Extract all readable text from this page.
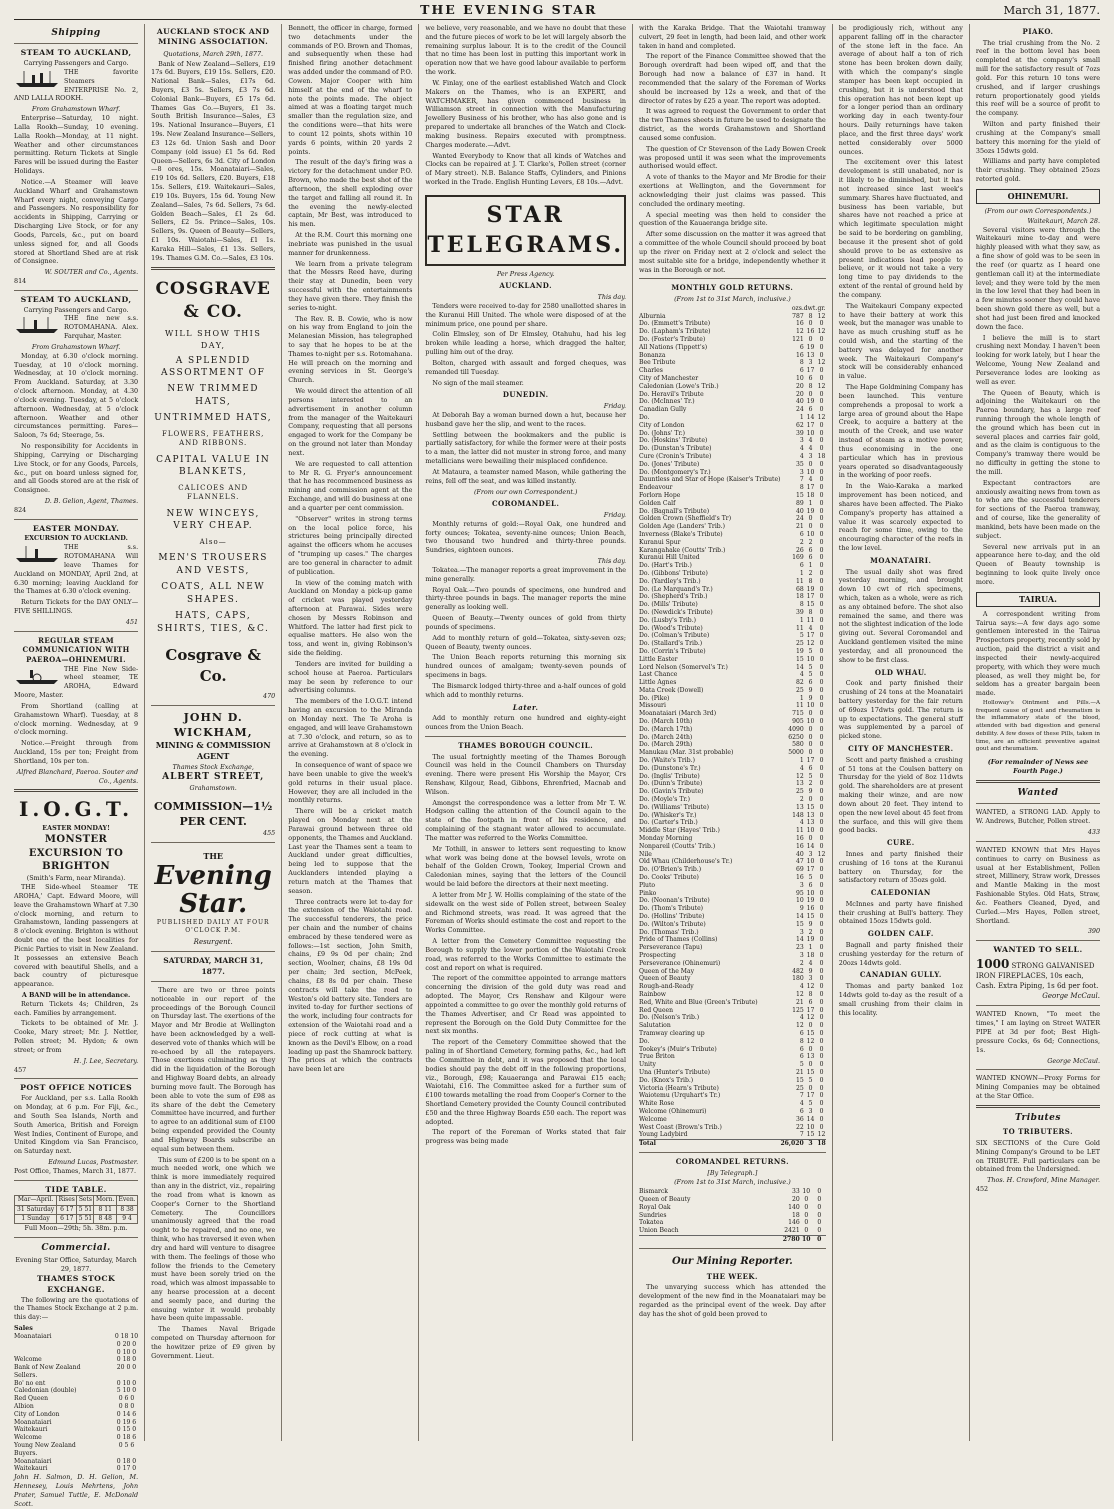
THE EVENING STAR	March 31, 1877.
Shipping
STEAM TO AUCKLAND,
Carrying Passengers and Cargo.

THE favorite Steamers ENTERPRISE No. 2, AND LALLA ROOKH.

From Grahamstown Wharf.

Enterprise—Saturday, 10 night. Lalla Rookh—Sunday, 10 evening. Lalla Rookh—Monday, at 11 night. Weather and other circumstances permitting. Return Tickets at Single Fares will be issued during the Easter Holidays.

Notice.—A Steamer will leave Auckland Wharf and Grahamstown Wharf every night, conveying Cargo and Passengers. No responsibility for accidents in Shipping, Carrying or Discharging Live Stock, or for any Goods, Parcels, &c., put on board unless signed for, and all Goods stored at Shortland Shed are at risk of Consignee.

W. SOUTER and Co., Agents.
814
STEAM TO AUCKLAND,
Carrying Passengers and Cargo.

THE fine new s.s. ROTOMAHANA. Alex. Farquhar, Master.

From Grahamstown Wharf.

Monday, at 6.30 o'clock morning. Tuesday, at 10 o'clock morning. Wednesday, at 10 o'clock morning. From Auckland. Saturday, at 3.30 o'clock afternoon. Monday, at 4.30 o'clock evening. Tuesday, at 5 o'clock afternoon. Wednesday, at 5 o'clock afternoon. Weather and other circumstances permitting. Fares—Saloon, 7s 6d; Steerage, 5s.

No responsibility for Accidents in Shipping, Carrying or Discharging Live Stock, or for any Goods, Parcels, &c., put on board unless signed for, and all Goods stored are at the risk of Consignee.

D. B. Gelion, Agent, Thames.
824
EASTER MONDAY.
EXCURSION TO AUCKLAND.

THE s.s. ROTOMAHANA Will leave Thames for Auckland on MONDAY, April 2nd, at 6.30 morning; leaving Auckland for the Thames at 6.30 o'clock evening.

Return Tickets for the DAY ONLY—FIVE SHILLINGS.

451
REGULAR STEAM COMMUNICATION WITH PAEROA—OHINEMURI.

THE Fine New Side-wheel steamer, TE AROHA, Edward Moore, Master.

From Shortland (calling at Grahamstown Wharf). Tuesday, at 8 o'clock morning. Wednesday, at 9 o'clock morning.

Notice.—Freight through from Auckland, 15s per ton; Freight from Shortland, 10s per ton.

Alfred Blanchard, Paeroa. Souter and Co., Agents.
I.O.G.T.
EASTER MONDAY!
MONSTER EXCURSION TO BRIGHTON
(Smith's Farm, near Miranda).

THE Side-wheel Steamer 'TE AROHA,' Capt. Edward Moore, will leave the Grahamstown Wharf at 7.30 o'clock morning, and return to Grahamstown, landing passengers at 8 o'clock evening. Brighton is without doubt one of the best localities for Picnic Parties to visit in New Zealand. It possesses an extensive Beach covered with beautiful Shells, and a back country of picturesque appearance.

A BAND will be in attendance.

Return Tickets 4s; Children, 2s each. Families by arrangement.

Tickets to be obtained of Mr. J. Cooke, Mary street; Mr. J. Nettler, Pollen street; M. Hydon; & own street; or from

H. J. Lee, Secretary.
457
POST OFFICE NOTICES

For Auckland, per s.s. Lalla Rookh on Monday, at 6 p.m. For Fiji, &c., and South Sea Islands, North and South America, British and Foreign West Indies, Continent of Europe, and United Kingdom via San Francisco, on Saturday next.

Edmund Lucas, Postmaster.
Post Office, Thames, March 31, 1877.
TIDE TABLE.
Mar—April.	Rises	Sets	Morn.	Even.
31 Saturday	6 17	5 51	8 11	8 38
1 Sunday	6 17	5 51	8 48	9 4
Full Moon—29th; 5h. 38m. p.m.
Commercial.
Evening Star Office, Saturday, March 29, 1877.
THAMES STOCK EXCHANGE.

The following are the quotations of the Thames Stock Exchange at 2 p.m. this day:—

Sales
Moanataiari		0 18 10
		0 20 0
		0 10 0
Welcome		0 18 0
Bank of New Zealand		20 0 0
Sellers.		
Bo' no ent		0 10 0
Caledonian (double)		5 10 0
Red Queen		0 6 0
Albion		0 8 0
City of London		0 14 6
Moanataiari		0 19 6
Waitekauri		0 15 0
Welcome		0 18 6
Young New Zealand		0 5 6
Buyers.		
Moanataiari		0 18 0
Waitekauri		0 17 0

John H. Salmon, D. H. Gelion, M. Hennesey, Louis Mehrtens, John Prater, Samuel Tuttle, E. McDonald Scott.

AUCKLAND STOCK AND MINING ASSOCIATION.
Quotations, March 29th, 1877.

Bank of New Zealand—Sellers, £19 17s 6d. Buyers, £19 15s. Sellers, £20. National Bank—Sales, £17s 6d. Buyers, £3 5s. Sellers, £3 7s 6d. Colonial Bank—Buyers, £5 17s 6d. Thames Gas Co.—Buyers, £1 3s. South British Insurance—Sales, £3 19s. National Insurance—Buyers, £1 19s. New Zealand Insurance—Sellers, £3 12s 6d. Union Sash and Door Company (old issue) £1 5s 6d. Red Queen—Sellers, 6s 3d. City of London—8 ores, 15s. Moanataiari—Sales, £19 10s 6d. Sellers, £20. Buyers, £18 15s. Sellers, £19. Waitekauri—Sales, £19 10s. Buyers, 15s 6d. Young New Zealand—Sales, 7s 6d. Sellers, 7s 6d. Golden Beach—Sales, £1 2s 6d. Sellers, £2 5s. Prince—Sales, 10s. Sellers, 9s. Queen of Beauty—Sellers, £1 10s. Waiotahi—Sales, £1 1s. Karaka Hill—Sales, £1 13s. Sellers, 19s. Thames G.M. Co.—Sales, £3 10s.

COSGRAVE & CO.
WILL SHOW THIS DAY,
A SPLENDID ASSORTMENT OF
NEW TRIMMED HATS,
UNTRIMMED HATS,
FLOWERS, FEATHERS, AND RIBBONS.
CAPITAL VALUE IN BLANKETS,
CALICOES AND FLANNELS.
NEW WINCEYS, VERY CHEAP.
Also—
MEN'S TROUSERS AND VESTS,
COATS, ALL NEW SHAPES.
HATS, CAPS, SHIRTS, TIES, &C.
Cosgrave & Co.
470
JOHN D. WICKHAM,
MINING & COMMISSION AGENT
Thames Stock Exchange,
ALBERT STREET,
Grahamstown.
COMMISSION—1½ PER CENT.
455
THE
Evening Star.
PUBLISHED DAILY AT FOUR O'CLOCK P.M.
Resurgent.
SATURDAY, MARCH 31, 1877.

There are two or three points noticeable in our report of the proceedings of the Borough Council on Thursday last. The exertions of the Mayor and Mr Brodie at Wellington have been acknowledged by a well-deserved vote of thanks which will be re-echoed by all the ratepayers. Those exertions culminating as they did in the liquidation of the Borough and Highway Board debts, an already burning move fault. The Borough has been able to vote the sum of £98 as its share of the debt the Cemetery Committee have incurred, and further to agree to an additional sum of £100 being expended provided the County and Highway Boards subscribe an equal sum between them.

This sum of £200 is to be spent on a much needed work, one which we think is more immediately required than any in the district, viz., repairing the road from what is known as Cooper's Corner to the Shortland Cemetery. The Councillors unanimously agreed that the road ought to be repaired, and no one, we think, who has traversed it even when dry and hard will venture to disagree with them. The feelings of those who follow the friends to the Cemetery must have been sorely tried on the road, which was almost impassable to any hearse procession at a decent and seemly pace, and during the ensuing winter it would probably have been quite impassable.

The Thames Naval Brigade competed on Thursday afternoon for the howitzer prize of £9 given by Government. Lieut.

Bennett, the officer in charge, formed two detachments under the commands of P.O. Brown and Thomas, and subsequently when these had finished firing another detachment was added under the command of P.O. Cowen. Major Cooper with him himself at the end of the wharf to note the points made. The object aimed at was a floating target much smaller than the regulation size, and the conditions were—that hits were to count 12 points, shots within 10 yards 6 points, within 20 yards 2 points.

The result of the day's firing was a victory for the detachment under P.O. Brown, who made the best shot of the afternoon, the shell exploding over the target and falling all round it. In the evening the newly-elected captain, Mr Best, was introduced to his men.

At the R.M. Court this morning one inebriate was punished in the usual manner for drunkenness.

We learn from a private telegram that the Messrs Reed have, during their stay at Dunedin, been very successful with the entertainments they have given there. They finish the series to-night.

The Rev. R. B. Cowie, who is now on his way from England to join the Melanesian Mission, has telegraphed to say that he hopes to be at the Thames to-night per s.s. Rotomahana. He will preach on the morning and evening services in St. George's Church.

We would direct the attention of all persons interested to an advertisement in another column from the manager of the Waitekauri Company, requesting that all persons engaged to work for the Company be on the ground not later than Monday next.

We are requested to call attention to Mr R. G. Fryer's announcement that he has recommenced business as mining and commission agent at the Exchange, and will do business at one and a quarter per cent commission.

"Observer" writes in strong terms on the local police force, his strictures being principally directed against the officers whom he accuses of "trumping up cases." The charges are too general in character to admit of publication.

In view of the coming match with Auckland on Monday a pick-up game of cricket was played yesterday afternoon at Parawai. Sides were chosen by Messrs Robinson and Whitford. The latter had first pick to equalise matters. He also won the toss, and went in, giving Robinson's side the fielding.

Tenders are invited for building a school house at Paeroa. Particulars may be seen by reference to our advertising columns.

The members of the I.O.G.T. intend having an excursion to the Miranda on Monday next. The Te Aroha is engaged, and will leave Grahamstown at 7.30 o'clock, and return, so as to arrive at Grahamstown at 8 o'clock in the evening.

In consequence of want of space we have been unable to give the week's gold returns in their usual place. However, they are all included in the monthly returns.

There will be a cricket match played on Monday next at the Parawai ground between three old opponents, the Thames and Auckland. Last year the Thames sent a team to Auckland under great difficulties, being led to suppose that the Aucklanders intended playing a return match at the Thames that season.

Three contracts were let to-day for the extension of the Waiotahi road. The successful tenderers, the price per chain and the number of chains embraced by these tendered were as follows:—1st section, John Smith, chains, £9 9s 0d per chain; 2nd section, Woolner, chains, £8 19s 0d per chain; 3rd section, McPeek, chains, £8 8s 0d per chain. These contracts will take the road to Weston's old battery site. Tenders are invited to-day for further sections of the work, including four contracts for extension of the Waiotahi road and a piece of rock cutting at what is known as the Devil's Elbow, on a road leading up past the Shamrock battery. The prices at which the contracts have been let are

we believe, very reasonable, and we have no doubt that these and the future pieces of work to be let will largely absorb the remaining surplus labour. It is to the credit of the Council that no time has been lost in putting this important work in operation now that we have good labour available to perform the work.

W. Finlay, one of the earliest established Watch and Clock Makers on the Thames, who is an EXPERT, and WATCHMAKER, has given commenced business in Williamson street in connection with the Manufacturing Jewellery Business of his brother, who has also gone and is prepared to undertake all branches of the Watch and Clock-making business. Repairs executed with promptness. Charges moderate.—Advt.

Wanted Everybody to Know that all kinds of Watches and Clocks can be repaired at J. T. Clarke's, Pollen street (corner of Mary street). N.B. Balance Staffs, Cylinders, and Pinions worked in the Trade. English Hunting Levers, £8 10s.—Advt.

STAR TELEGRAMS.
Per Press Agency.
AUCKLAND.
This day.

Tenders were received to-day for 2580 unallotted shares in the Kuranui Hill United. The whole were disposed of at the minimum price, one pound per share.

Colin Elmsley, son of Dr Elmsley, Otahuhu, had his leg broken while leading a horse, which dragged the halter, pulling him out of the dray.

Bolton, charged with assault and forged cheques, was remanded till Tuesday.

No sign of the mail steamer.

DUNEDIN.
Friday.

At Deborah Bay a woman burned down a hut, because her husband gave her the slip, and went to the races.

Settling between the bookmakers and the public is partially satisfactory, for while the former were at their posts to a man, the latter did not muster in strong force, and many metallicians were bewailing their misplaced confidence.

At Mataura, a teamster named Mason, while gathering the reins, fell off the seat, and was killed instantly.

(From our own Correspondent.)
COROMANDEL.
Friday.

Monthly returns of gold:—Royal Oak, one hundred and forty ounces; Tokatea, seventy-nine ounces; Union Beach, two thousand two hundred and thirty-three pounds. Sundries, eighteen ounces.

This day.

Tokatea.—The manager reports a great improvement in the mine generally.

Royal Oak.—Two pounds of specimens, one hundred and thirty-three pounds in bags. The manager reports the mine generally as looking well.

Queen of Beauty.—Twenty ounces of gold from thirty pounds of specimens.

Add to monthly return of gold—Tokatea, sixty-seven ozs; Queen of Beauty, twenty ounces.

The Union Beach reports returning this morning six hundred ounces of amalgam; twenty-seven pounds of specimens in bags.

The Bismarck lodged thirty-three and a-half ounces of gold which add to monthly returns.

Later.

Add to monthly return one hundred and eighty-eight ounces from the Union Beach.

THAMES BOROUGH COUNCIL.

The usual fortnightly meeting of the Thames Borough Council was held in the Council Chambers on Thursday evening. There were present His Worship the Mayor, Crs Renshaw, Kilgour, Read, Gibbons, Ehrenfried, Macnab and Wilson.

Amongst the correspondence was a letter from Mr T. W. Hodgson calling the attention of the Council again to the state of the footpath in front of his residence, and complaining of the stagnant water allowed to accumulate. The matter was referred to the Works Committee.

Mr Tothill, in answer to letters sent requesting to know what work was being done at the bowsel levels, wrote on behalf of the Golden Crown, Tookey, Imperial Crown and Caledonian mines, saying that the letters of the Council would be laid before the directors at their next meeting.

A letter from Mr J. W. Hollis complaining of the state of the sidewalk on the west side of Pollen street, between Sealey and Richmond streets, was read. It was agreed that the Foreman of Works should estimate the cost and report to the Works Committee.

A letter from the Cemetery Committee requesting the Borough to supply the lower portion of the Waiotahi Creek road, was referred to the Works Committee to estimate the cost and report on what is required.

The report of the committee appointed to arrange matters concerning the division of the gold duty was read and adopted. The Mayor, Crs Renshaw and Kilgour were appointed a committee to go over the monthly gold returns of the Thames Advertiser, and Cr Read was appointed to represent the Borough on the Gold Duty Committee for the next six months.

The report of the Cemetery Committee showed that the paling in of Shortland Cemetery, forming paths, &c., had left the Committee in debt, and it was proposed that the local bodies should pay the debt off in the following proportions, viz., Borough, £98; Kauaeranga and Parawai £15 each; Waiotahi, £16. The Committee asked for a further sum of £100 towards metalling the road from Cooper's Corner to the Shortland Cemetery provided the County Council contributed £50 and the three Highway Boards £50 each. The report was adopted.

The report of the Foreman of Works stated that fair progress was being made

with the Karaka Bridge. That the Waiotahi tramway culvert, 29 feet in length, had been laid, and other work taken in hand and completed.

The report of the Finance Committee showed that the Borough overdraft had been wiped off, and that the Borough had now a balance of £37 in hand. It recommended that the salary of the Foreman of Works should be increased by 12s a week, and that of the director of rates by £25 a year. The report was adopted.

It was agreed to request the Government to order that the two Thames sheets in future be used to designate the district, as the words Grahamstown and Shortland caused some confusion.

The question of Cr Stevenson of the Lady Bowen Creek was proposed until it was seen what the improvements authorised would effect.

A vote of thanks to the Mayor and Mr Brodie for their exertions at Wellington, and the Government for acknowledging their just claims was passed. This concluded the ordinary meeting.

A special meeting was then held to consider the question of the Kauaeranga bridge site.

After some discussion on the matter it was agreed that a committee of the whole Council should proceed by boat up the river on Friday next at 2 o'clock and select the most suitable site for a bridge, independently whether it was in the Borough or not.

MONTHLY GOLD RETURNS.
(From 1st to 31st March, inclusive.)
	ozs.	dwt.	gr.
Alburnia	787	8	12
Do. (Emmett's Tribute)	16	0	0
Do. (Lapham's Tribute)	12	16	12
Do. (Foster's Tribute)	121	0	0
All Nations (Tippett's)	6	19	0
Bonanza	16	13	0
Bee Tribute	8	3	12
Charles	6	17	0
City of Manchester	10	6	0
Caledonian (Lowe's Trib.)	20	8	12
Do. Heravil's Tribute	20	0	0
Do. (McInnes' Tr.)	40	19	0
Canadian Gully	24	6	0
Do.	1	14	12
City of London	62	17	0
Do. (Johns' Tr.)	39	10	0
Do. (Hoskins' Tribute)	3	4	0
Do. (Dunstan's Tribute)	4	4	0
Cure (Cronin's Tribute)	4	3	18
Do. (Jones' Tribute)	35	0	0
Do. (Montgomery's Tr.)	3	10	0
Dauntless and Star of Hope (Kaiser's Tribute)	7	4	0
Endeavour	8	17	0
Forlorn Hope	15	18	0
Golden Calf	89	1	0
Do. (Bagnall's Tribute)	40	19	0
Golden Crown (Sheffield's Tr)	24	0	0
Golden Age (Landers' Trib.)	21	0	0
Inverness (Blake's Tribute)	6	10	0
Kuranui Spur	2	2	0
Karangahake (Coutts' Trib.)	26	6	0
Kuranui Hill United	169	6	0
Do. (Hart's Trib.)	6	1	0
Do. (Gibbons' Tribute)	1	2	0
Do. (Yardley's Trib.)	11	8	0
Do. (Le Marquand's Tr.)	68	19	0
Do. (Shepherd's Trib.)	18	17	0
Do. (Mills' Tribute)	8	15	0
Do. (Newdick's Tribute)	39	8	0
Do. (Lusby's Trib.)	1	11	0
Do. (Wood's Tribute)	11	4	0
Do. (Colman's Tribute)	5	17	0
Do. (Stallard's Trib.)	25	12	0
Do. (Corrin's Tribute)	19	5	0
Little Easter	15	10	0
Lord Nelson (Somervel's Tr.)	14	5	0
Last Chance	4	5	0
Little Agnes	82	6	0
Mata Creek (Dowell)	25	9	0
Do. (Pike)	1	9	0
Missouri	11	10	0
Moanataiari (March 3rd)	715	0	0
Do. (March 10th)	905	10	0
Do. (March 17th)	4090	0	0
Do. (March 24th)	6250	0	0
Do. (March 29th)	580	0	0
Manukau (Mar. 31st probable)	5000	0	0
Do. (Waite's Trib.)	1	17	0
Do. (Dunstone's Tr.)	4	6	0
Do. (Inglis' Tribute)	12	5	0
Do. (Dunn's Tribute)	13	2	0
Do. (Gavin's Tribute)	25	9	0
Do. (Moyle's Tr.)	2	0	0
Do. (Williams' Tribute)	13	15	0
Do. (Whisker's Tr.)	148	13	0
Do. (Carter's Trib.)	4	13	0
Middle Star (Hayes' Trib.)	11	10	0
Monday Morning	16	0	0
Nonpareil (Coutts' Trib.)	16	14	0
Nile	40	3	12
Old Whau (Childerhouse's Tr.)	47	10	0
Do. (O'Brien's Trib.)	69	17	0
Do. Cooks' Tribute)	16	5	0
Pluto	3	6	0
Pinko	95	10	0
Do. (Noonan's Tribute)	10	19	0
Do. (Thom's Tribute)	9	16	0
Do. (Hollins' Tribute)	14	15	0
Do. (Wilton's Tribute)	15	9	0
Do. (Thomas' Trib.)	3	2	0
Pride of Thames (Collins)	14	19	0
Perseverance (Tapu)	23	1	0
Prospecting	3	18	0
Perseverance (Ohinemuri)	2	4	0
Queen of the May	482	9	0
Queen of Beauty	180	3	0
Rough-and-Ready	4	12	0
Rainbow	12	8	0
Red, White and Blue (Green's Tribute)	21	6	0
Red Queen	125	17	0
Do. (Nelson's Trib.)	4	12	0
Salutation	12	0	0
Tramway clearing up	6	15	0
Do.	8	12	0
Tookey's (Muir's Tribute)	6	0	0
True Briton	6	13	0
Unity	5	0	0
Una (Hunter's Tribute)	21	15	0
Do. (Knox's Trib.)	15	5	0
Victoria (Hearn's Tribute)	25	0	0
Waiotemu (Urquhart's Tr.)	7	17	0
White Rose	4	5	0
Welcome (Ohinemuri)	6	3	0
Welcome	36	14	0
West Coast (Brown's Trib.)	22	10	0
Young Ladybird	7	15	12
Total	26,020	3	18
COROMANDEL RETURNS.
[By Telegraph.]
(From 1st to 31st March, inclusive.)
Bismarck	33	10	0
Queen of Beauty	20	0	0
Royal Oak	140	0	0
Sundries	18	0	0
Tokatea	146	0	0
Union Beach	2421	0	0
	2780	10	0
Our Mining Reporter.
THE WEEK.

The unvarying success which has attended the development of the new find in the Moanataiari may be regarded as the principal event of the week. Day after day has the shot of gold been proved to

be prodigiously rich, without any apparent falling off in the character of the stone left in the face. An average of about half a ton of rich stone has been broken down daily, with which the company's single stamper has been kept occupied in crushing, but it is understood that this operation has not been kept up for a longer period than an ordinary working day in each twenty-four hours. Daily returnings have taken place, and the first three days' work netted considerably over 5000 ounces.

The excitement over this latest development is still unabated, nor is it likely to be diminished, but it has not increased since last week's summary. Shares have fluctuated, and business has been variable, but shares have not reached a price at which legitimate speculation might be said to be bordering on gambling, because it the present shot of gold should prove to be as extensive as present indications lead people to believe, or it would not take a very long time to pay dividends to the extent of the rental of ground held by the company.

The Waitekauri Company expected to have their battery at work this week, but the manager was unable to have as much crushing stuff as he could wish, and the starting of the battery was delayed for another week. The Waitekauri Company's stock will be considerably enhanced in value.

The Hape Goldmining Company has been launched. This venture comprehends a proposal to work a large area of ground about the Hape Creek, to acquire a battery at the mouth of the Creek, and use water instead of steam as a motive power, thus economising in the one particular which has in previous years operated so disadvantageously in the working of poor reefs.

In the Waio-Karaka a marked improvement has been noticed, and shares have been affected. The Piako Company's property has attained a value it was scarcely expected to reach for some time, owing to the encouraging character of the reefs in the low level.

MOANATAIRI.

The usual daily shot was fired yesterday morning, and brought down 10 cwt of rich specimens, which, taken as a whole, were as rich as any obtained before. The shot also remained the same, and there was not the slightest indication of the lode giving out. Several Coromandel and Auckland gentlemen visited the mine yesterday, and all pronounced the show to be first class.

OLD WHAU.

Cook and party finished their crushing of 24 tons at the Moanatairi battery yesterday for the fair return of 69ozs 17dwts gold. The return is up to expectations. The general stuff was supplemented by a parcel of picked stone.

CITY OF MANCHESTER.

Scott and party finished a crushing of 51 tons at the Coulsen battery on Thursday for the yield of 8oz 11dwts gold. The shareholders are at present making their winze, and are now down about 20 feet. They intend to open the new level about 45 feet from the surface, and this will give them good backs.

CURE.

Innes and party finished their crushing of 16 tons at the Kuranui battery on Thursday, for the satisfactory return of 35ozs gold.

CALEDONIAN

McInnes and party have finished their crushing at Bull's battery. They obtained 15ozs 15dwts gold.

GOLDEN CALF.

Bagnall and party finished their crushing yesterday for the return of 20ozs 14dwts gold.

CANADIAN GULLY.

Thomas and party banked 1oz 14dwts gold to-day as the result of a small crushing from their claim in this locality.

PIAKO.

The trial crushing from the No. 2 reef in the bottom level has been completed at the company's small mill for the satisfactory result of 7ozs gold. For this return 10 tons were crushed, and if larger crushings return proportionately good yields this reef will be a source of profit to the company.

Wilton and party finished their crushing at the Company's small battery this morning for the yield of 35ozs 15dwts gold.

Williams and party have completed their crushing. They obtained 25ozs retorted gold.

OHINEMURI.
(From our own Correspondents.)
Waitekauri, March 28.

Several visitors were through the Waitekauri mine to-day and were highly pleased with what they saw, as a fine show of gold was to be seen in the reef (or quartz as I heard one gentleman call it) at the intermediate level; and they were told by the men in the low level that they had been in a few minutes sooner they could have been shown gold there as well, but a shot had just been fired and knocked down the face.

I believe the mill is to start crushing next Monday. I haven't been looking for work lately, but I hear the Welcome, Young New Zealand and Perseverance lodes are looking as well as ever.

The Queen of Beauty, which is adjoining the Waitekauri on the Paeroa boundary, has a large reef running through the whole length of the ground which has been cut in several places and carries fair gold, and as the claim is contiguous to the Company's tramway there would be no difficulty in getting the stone to the mill.

Expectant contractors are anxiously awaiting news from town as to who are the successful tenderers for sections of the Paeroa tramway, and of course, like the generality of mankind, bets have been made on the subject.

Several new arrivals put in an appearance here to-day, and the old Queen of Beauty township is beginning to look quite lively once more.

TAIRUA.

A correspondent writing from Tairua says:—A few days ago some gentlemen interested in the Tairua Prospectors property, recently sold by auction, paid the district a visit and inspected their newly-acquired property, with which they were much pleased, as well they might be, for seldom has a greater bargain been made.

Holloway's Ointment and Pills.—A frequent cause of gout and rheumatism is the inflammatory state of the blood, attended with bad digestion and general debility. A few doses of these Pills, taken in time, are an efficient preventive against gout and rheumatism.

(For remainder of News see Fourth Page.)
Wanted

WANTED, a STRONG LAD. Apply to W. Andrews, Butcher, Pollen street.

433

WANTED KNOWN that Mrs Hayes continues to carry on Business as usual at her Establishment, Pollen street, Millinery, Straw work, Dresses and Mantle Making in the most Fashionable Styles. Old Hats, Straw, &c. Feathers Cleaned, Dyed, and Curled.—Mrs Hayes, Pollen street, Shortland.

390
WANTED TO SELL.
1000 STRONG GALVANISED IRON FIREPLACES, 10s each, Cash. Extra Piping, 1s 6d per foot.
George McCaul.

WANTED Known, "To meet the times," I am laying on Street WATER PIPE at 3d per foot; Best High-pressure Cocks, 6s 6d; Connections, 1s.

George McCaul.

WANTED KNOWN—Proxy Forms for Mining Companies may be obtained at the Star Office.

Tributes
TO TRIBUTERS.

SIX SECTIONS of the Cure Gold Mining Company's Ground to be LET on TRIBUTE. Full particulars can be obtained from the Undersigned.

Thos. H. Crawford, Mine Manager.
452
